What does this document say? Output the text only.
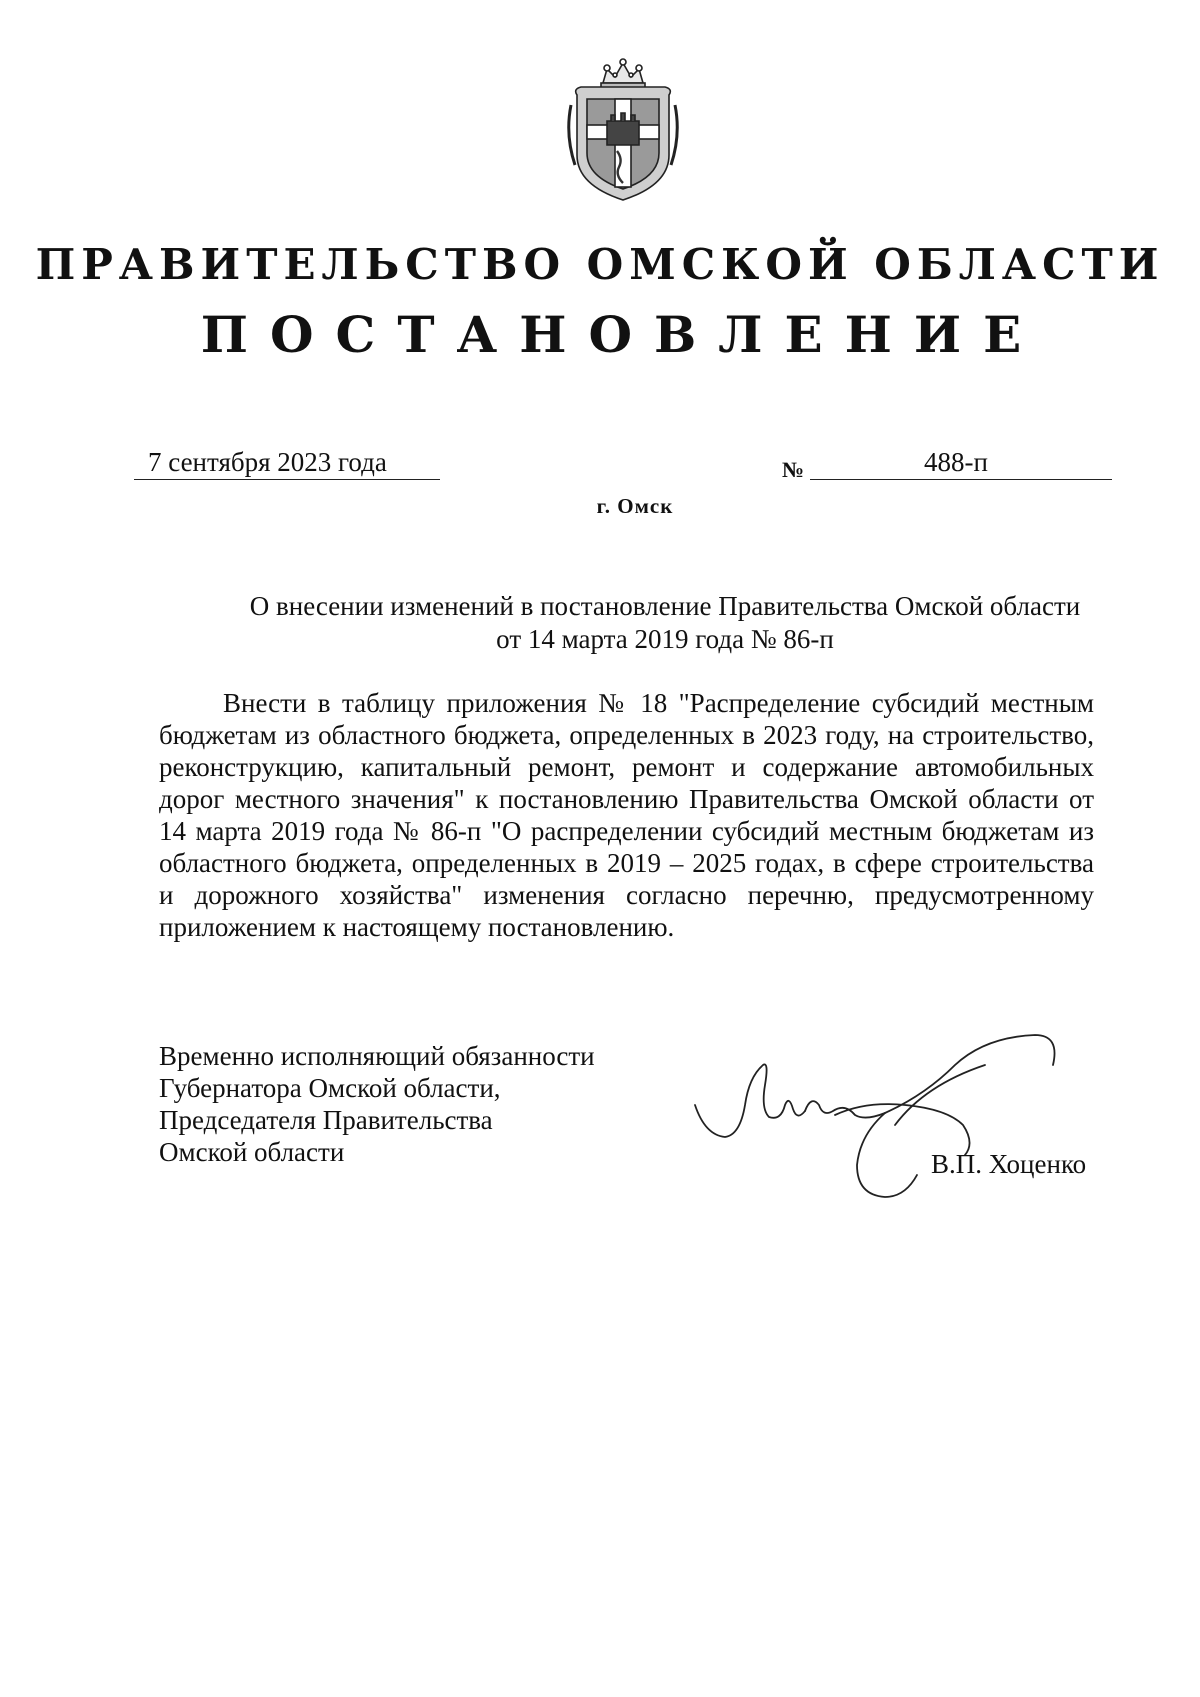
ПРАВИТЕЛЬСТВО ОМСКОЙ ОБЛАСТИ
ПОСТАНОВЛЕНИЕ
7 сентября 2023 года	№	488-п
г. Омск
О внесении изменений в постановление Правительства Омской области
от 14 марта 2019 года № 86-п

Внести в таблицу приложения № 18 "Распределение субсидий местным бюджетам из областного бюджета, определенных в 2023 году, на строительство, реконструкцию, капитальный ремонт, ремонт и содержание автомобильных дорог местного значения" к постановлению Правительства Омской области от 14 марта 2019 года № 86-п "О распределении субсидий местным бюджетам из областного бюджета, определенных в 2019 – 2025 годах, в сфере строительства и дорожного хозяйства" изменения согласно перечню, предусмотренному приложением к настоящему постановлению.

Временно исполняющий обязанности
Губернатора Омской области,
Председателя Правительства
Омской области	В.П. Хоценко
